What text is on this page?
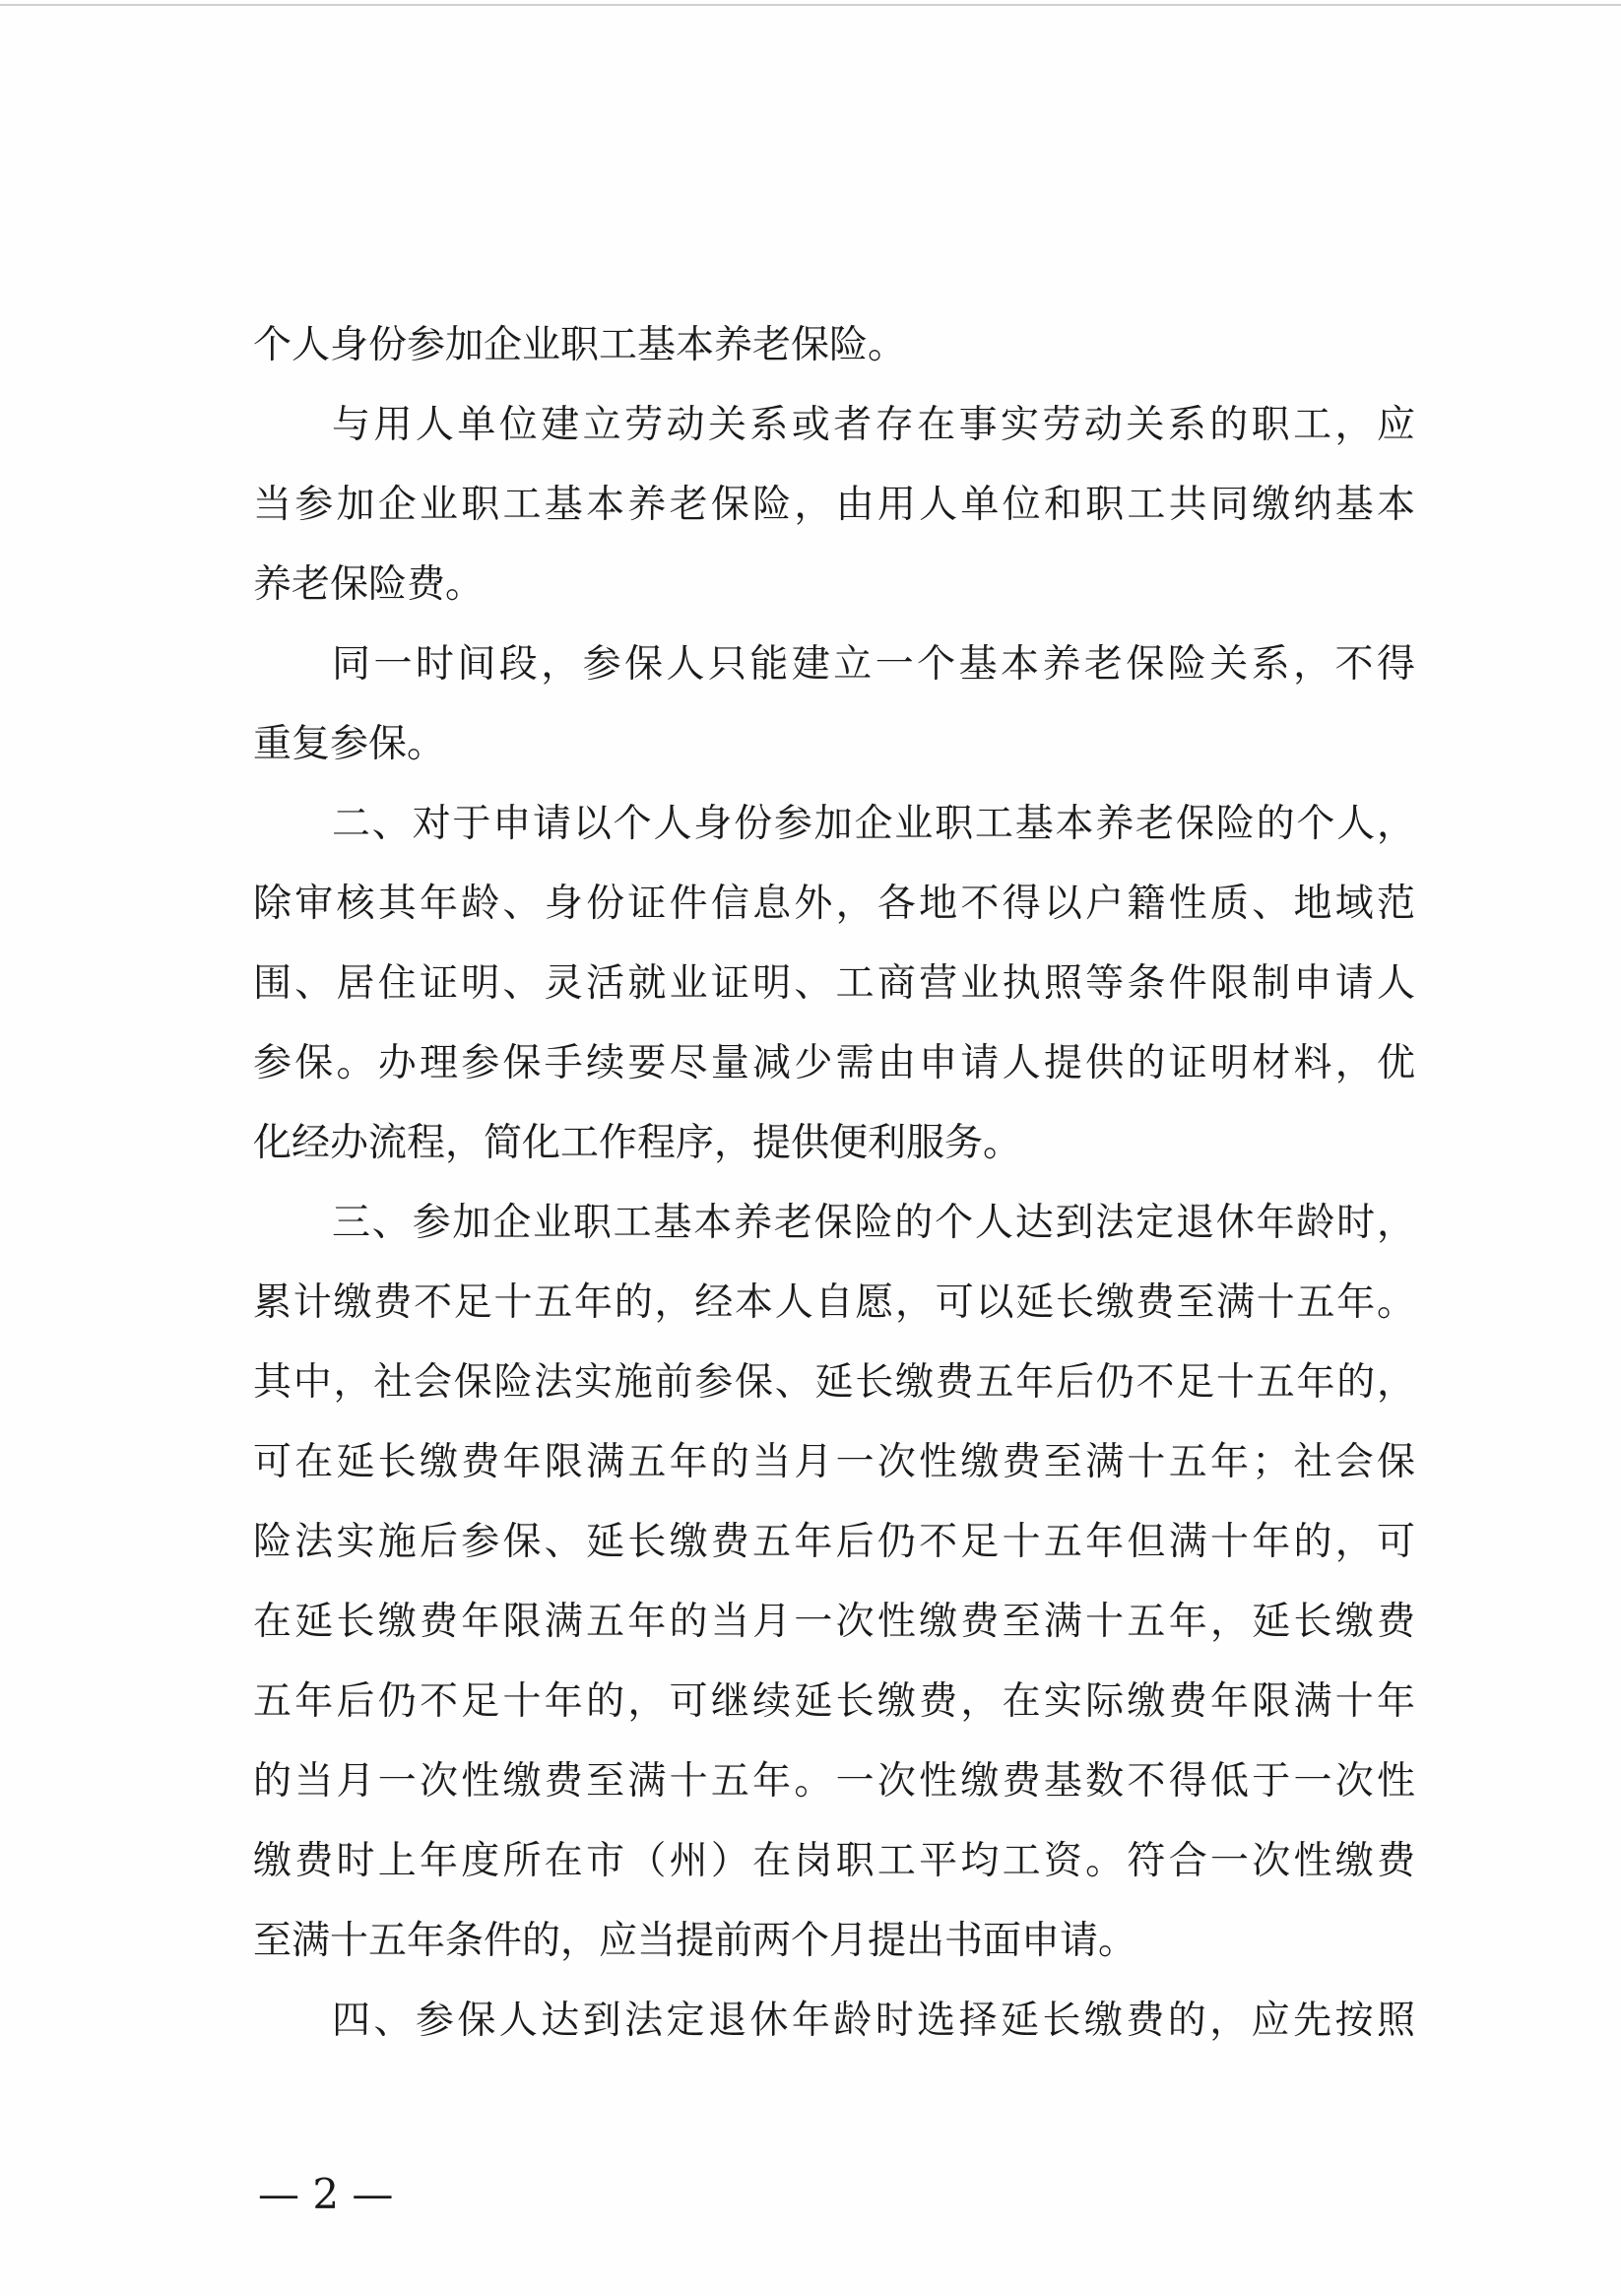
个人身份参加企业职工基本养老保险。
与用人单位建立劳动关系或者存在事实劳动关系的职工，应
当参加企业职工基本养老保险，由用人单位和职工共同缴纳基本
养老保险费。
同一时间段，参保人只能建立一个基本养老保险关系，不得
重复参保。
二、对于申请以个人身份参加企业职工基本养老保险的个人，
除审核其年龄、身份证件信息外，各地不得以户籍性质、地域范
围、居住证明、灵活就业证明、工商营业执照等条件限制申请人
参保。办理参保手续要尽量减少需由申请人提供的证明材料，优
化经办流程，简化工作程序，提供便利服务。
三、参加企业职工基本养老保险的个人达到法定退休年龄时，
累计缴费不足十五年的，经本人自愿，可以延长缴费至满十五年。
其中，社会保险法实施前参保、延长缴费五年后仍不足十五年的，
可在延长缴费年限满五年的当月一次性缴费至满十五年；社会保
险法实施后参保、延长缴费五年后仍不足十五年但满十年的，可
在延长缴费年限满五年的当月一次性缴费至满十五年，延长缴费
五年后仍不足十年的，可继续延长缴费，在实际缴费年限满十年
的当月一次性缴费至满十五年。一次性缴费基数不得低于一次性
缴费时上年度所在市（州）在岗职工平均工资。符合一次性缴费
至满十五年条件的，应当提前两个月提出书面申请。
四、参保人达到法定退休年龄时选择延长缴费的，应先按照
— 2 —
